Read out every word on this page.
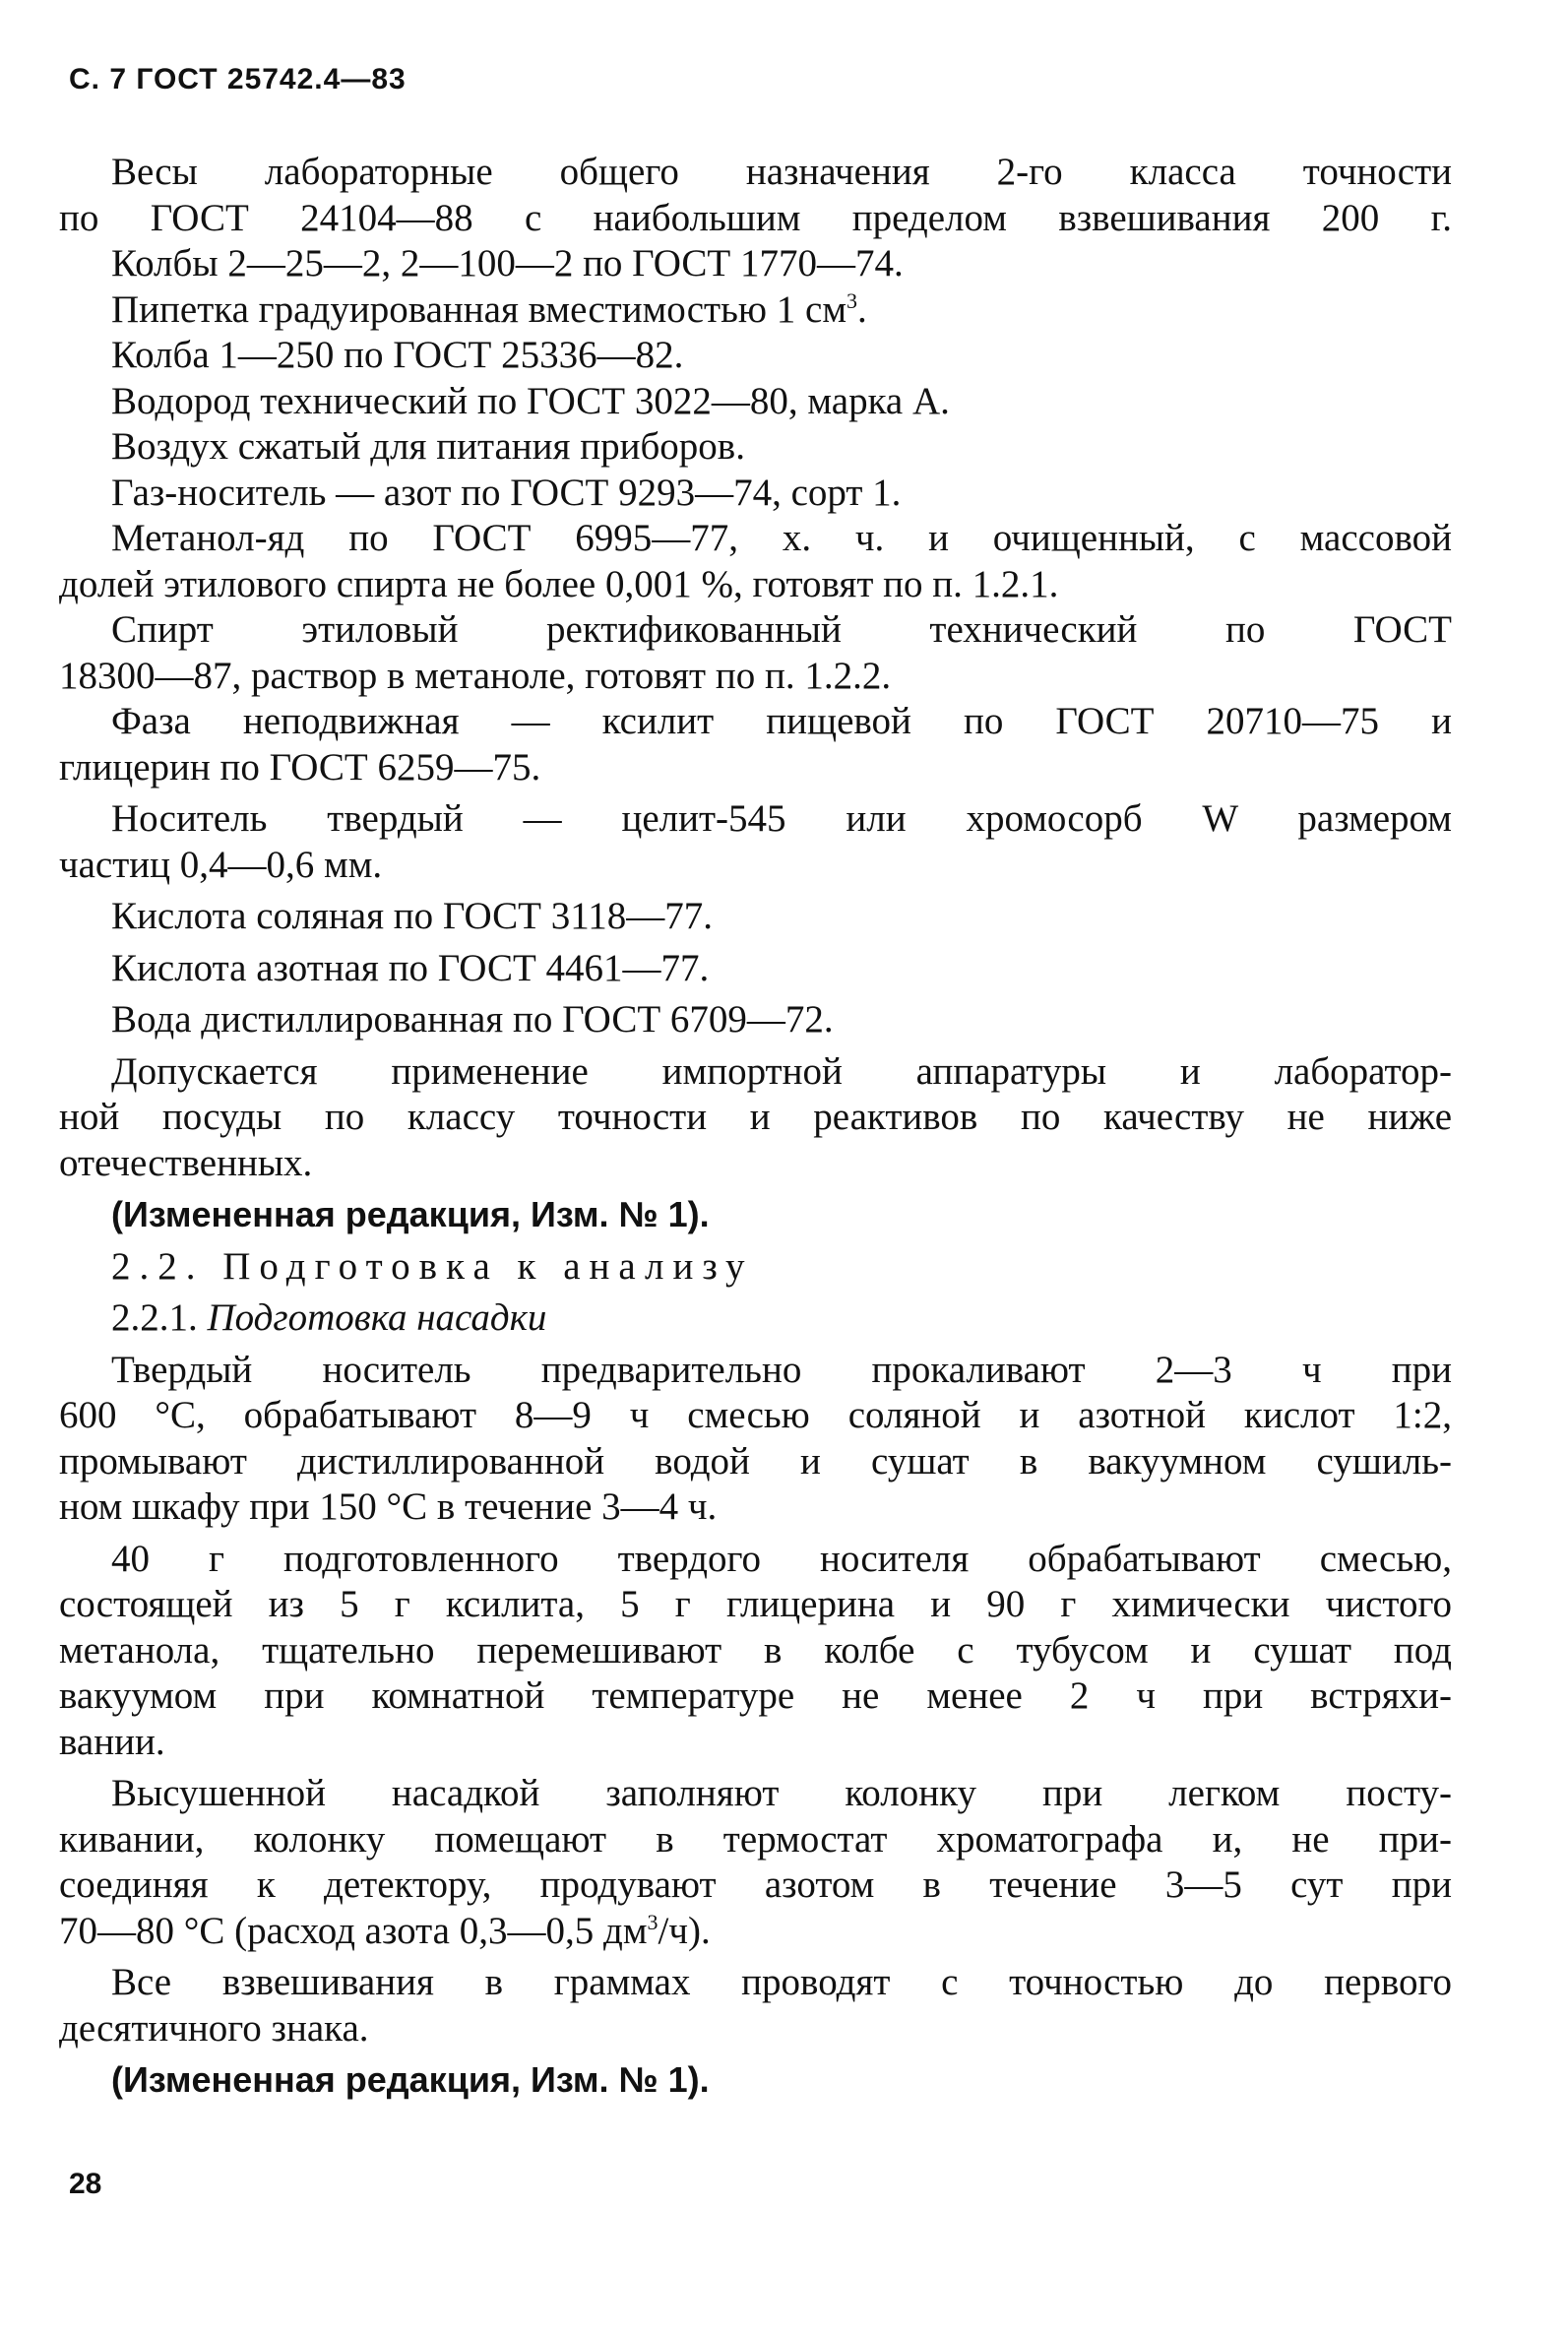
С. 7 ГОСТ 25742.4—83
Весы лабораторные общего назначения 2-го класса точности
по ГОСТ 24104—88 с наибольшим пределом взвешивания 200 г.
Колбы 2—25—2, 2—100—2 по ГОСТ 1770—74.
Пипетка градуированная вместимостью 1 $см^3$.
Колба 1—250 по ГОСТ 25336—82.
Водород технический по ГОСТ 3022—80, марка А.
Воздух сжатый для питания приборов.
Газ-носитель — азот по ГОСТ 9293—74, сорт 1.
Метанол-яд по ГОСТ 6995—77, х. ч. и очищенный, с массовой
долей этилового спирта не более 0,001 %, готовят по п. 1.2.1.
Спирт этиловый ректификованный технический по ГОСТ
18300—87, раствор в метаноле, готовят по п. 1.2.2.
Фаза неподвижная — ксилит пищевой по ГОСТ 20710—75 и
глицерин по ГОСТ 6259—75.
Носитель твердый — целит-545 или хромосорб W размером
частиц 0,4—0,6 мм.
Кислота соляная по ГОСТ 3118—77.
Кислота азотная по ГОСТ 4461—77.
Вода дистиллированная по ГОСТ 6709—72.
Допускается применение импортной аппаратуры и лаборатор-
ной посуды по классу точности и реактивов по качеству не ниже
отечественных.
(Измененная редакция, Изм. № 1).
2.2. Подготовка к анализу
2.2.1. Подготовка насадки
Твердый носитель предварительно прокаливают 2—3 ч при
600 °С, обрабатывают 8—9 ч смесью соляной и азотной кислот 1:2,
промывают дистиллированной водой и сушат в вакуумном сушиль-
ном шкафу при 150 °С в течение 3—4 ч.
40 г подготовленного твердого носителя обрабатывают смесью,
состоящей из 5 г ксилита, 5 г глицерина и 90 г химически чистого
метанола, тщательно перемешивают в колбе с тубусом и сушат под
вакуумом при комнатной температуре не менее 2 ч при встряхи-
вании.
Высушенной насадкой заполняют колонку при легком посту-
кивании, колонку помещают в термостат хроматографа и, не при-
соединяя к детектору, продувают азотом в течение 3—5 сут при
70—80 °С (расход азота 0,3—0,5 $дм^3/ч$).
Все взвешивания в граммах проводят с точностью до первого
десятичного знака.
(Измененная редакция, Изм. № 1).
28
